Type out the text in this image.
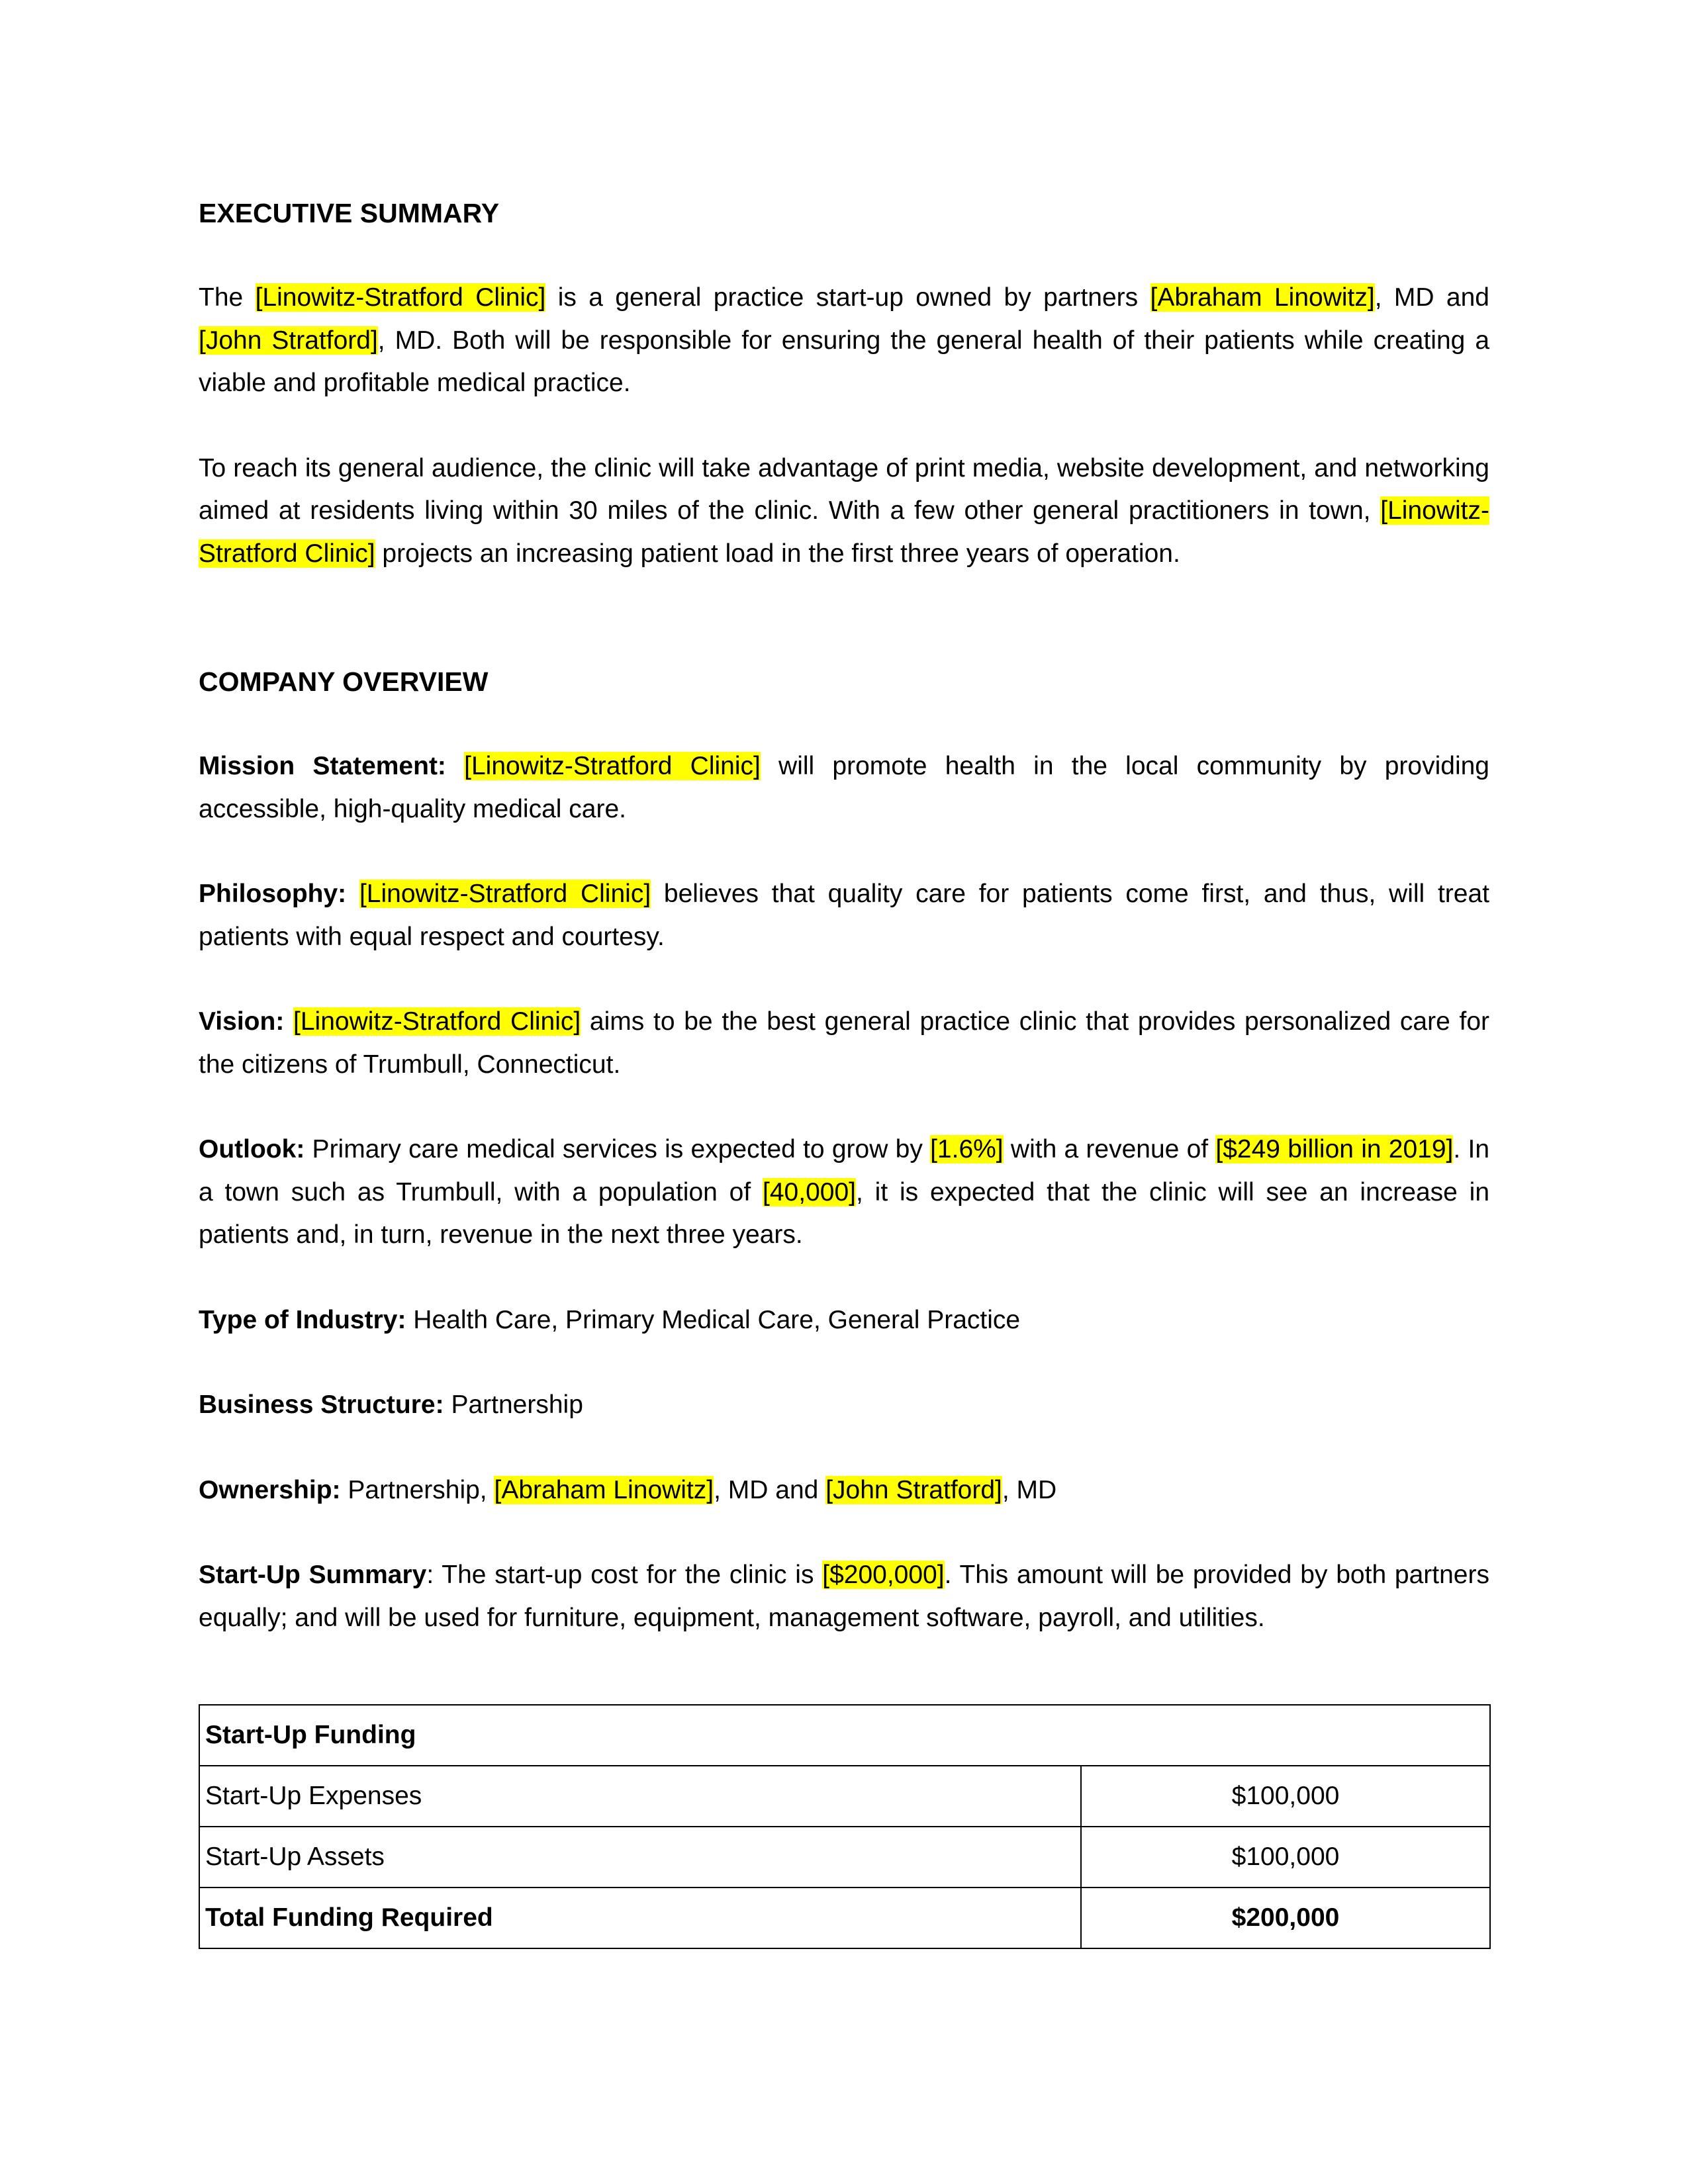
EXECUTIVE SUMMARY

The [Linowitz-Stratford Clinic] is a general practice start-up owned by partners [Abraham Linowitz], MD and [John Stratford], MD. Both will be responsible for ensuring the general health of their patients while creating a viable and profitable medical practice.

To reach its general audience, the clinic will take advantage of print media, website development, and networking aimed at residents living within 30 miles of the clinic. With a few other general practitioners in town, [Linowitz-Stratford Clinic] projects an increasing patient load in the first three years of operation.

COMPANY OVERVIEW

Mission Statement: [Linowitz-Stratford Clinic] will promote health in the local community by providing accessible, high-quality medical care.

Philosophy: [Linowitz-Stratford Clinic] believes that quality care for patients come first, and thus, will treat patients with equal respect and courtesy.

Vision: [Linowitz-Stratford Clinic] aims to be the best general practice clinic that provides personalized care for the citizens of Trumbull, Connecticut.

Outlook: Primary care medical services is expected to grow by [1.6%] with a revenue of [$249 billion in 2019]. In a town such as Trumbull, with a population of [40,000], it is expected that the clinic will see an increase in patients and, in turn, revenue in the next three years.

Type of Industry: Health Care, Primary Medical Care, General Practice

Business Structure: Partnership

Ownership: Partnership, [Abraham Linowitz], MD and [John Stratford], MD

Start-Up Summary: The start-up cost for the clinic is [$200,000]. This amount will be provided by both partners equally; and will be used for furniture, equipment, management software, payroll, and utilities.

Start-Up Funding	
Start-Up Expenses	$100,000
Start-Up Assets	$100,000
Total Funding Required	$200,000
